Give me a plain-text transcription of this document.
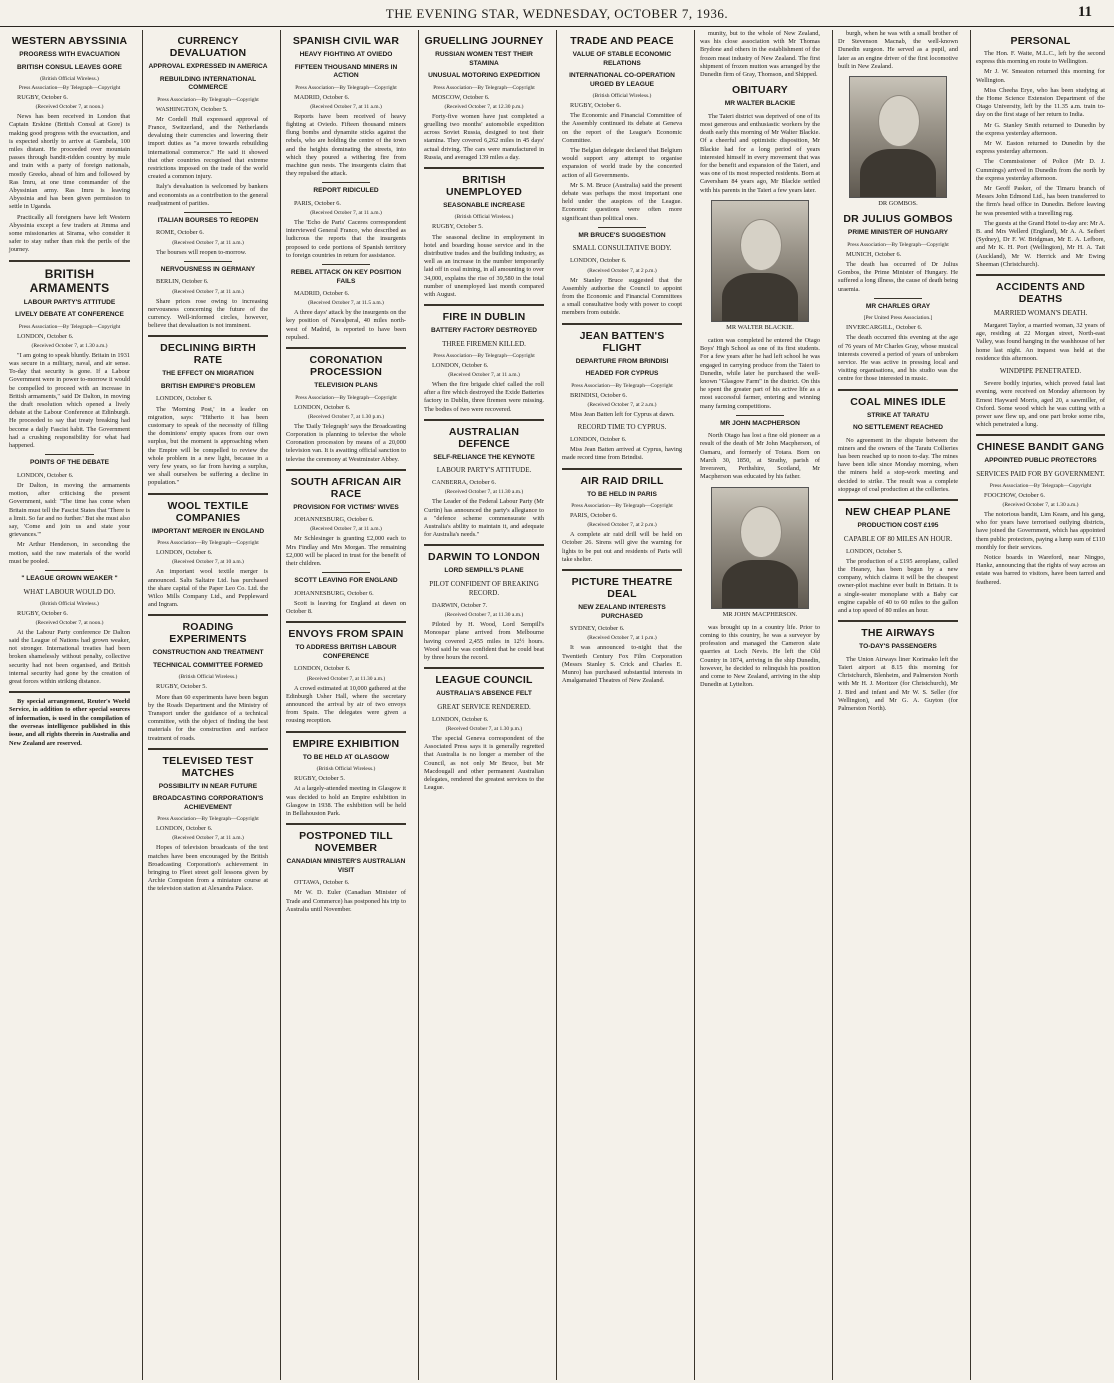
THE EVENING STAR, WEDNESDAY, OCTOBER 7, 1936.	11
WESTERN ABYSSINIA
PROGRESS WITH EVACUATION
BRITISH CONSUL LEAVES GORE
(British Official Wireless.)
Press Association—By Telegraph—Copyright
RUGBY, October 6.
(Received October 7, at noon.)

News has been received in London that Captain Erskine (British Consul at Gore) is making good progress with the evacuation, and is expected shortly to arrive at Gambela, 100 miles distant. He proceeded over mountain passes through bandit-ridden country by mule and train with a party of foreign nationals, mostly Greeks, ahead of him and followed by Ras Imru, at one time commander of the Abyssinian army. Ras Imru is leaving Abyssinia and has been given permission to settle in Uganda.

Practically all foreigners have left Western Abyssinia except a few traders at Jimma and some missionaries at Sirama, who consider it safer to stay rather than risk the perils of the journey.

BRITISH ARMAMENTS
LABOUR PARTY'S ATTITUDE
LIVELY DEBATE AT CONFERENCE
Press Association—By Telegraph—Copyright
LONDON, October 6.
(Received October 7, at 1.30 a.m.)

"I am going to speak bluntly. Britain in 1931 was secure in a military, naval, and air sense. To-day that security is gone. If a Labour Government were in power to-morrow it would be compelled to proceed with an increase in British armaments," said Dr Dalton, in moving the draft resolution which opened a lively debate at the Labour Conference at Edinburgh. He proceeded to say that treaty breaking had become a daily Fascist habit. The Government had a crushing responsibility for what had happened.

POINTS OF THE DEBATE
LONDON, October 6.

Dr Dalton, in moving the armaments motion, after criticising the present Government, said: "The time has come when Britain must tell the Fascist States that 'There is a limit. So far and no further.' But she must also say, 'Come and join us and state your grievances.'"

Mr Arthur Henderson, in seconding the motion, said the raw materials of the world must be pooled.

" LEAGUE GROWN WEAKER "
WHAT LABOUR WOULD DO.
(British Official Wireless.)
RUGBY, October 6.
(Received October 7, at noon.)

At the Labour Party conference Dr Dalton said the League of Nations had grown weaker, not stronger. International treaties had been broken shamelessly without penalty, collective security had not been organised, and British internal security had gone by the creation of great forces within striking distance.

By special arrangement, Reuter's World Service, in addition to other special sources of information, is used in the compilation of the overseas intelligence published in this issue, and all rights therein in Australia and New Zealand are reserved.

CURRENCY DEVALUATION
APPROVAL EXPRESSED IN AMERICA
REBUILDING INTERNATIONAL COMMERCE
Press Association—By Telegraph—Copyright
WASHINGTON, October 5.

Mr Cordell Hull expressed approval of France, Switzerland, and the Netherlands devaluing their currencies and lowering their import duties as "a move towards rebuilding international commerce." He said it showed that other countries recognised that extreme restrictions imposed on the trade of the world created a common injury.

Italy's devaluation is welcomed by bankers and economists as a contribution to the general readjustment of parities.

ITALIAN BOURSES TO REOPEN
ROME, October 6.
(Received October 7, at 11 a.m.)

The bourses will reopen to-morrow.

NERVOUSNESS IN GERMANY
BERLIN, October 6.
(Received October 7, at 11 a.m.)

Share prices rose owing to increasing nervousness concerning the future of the currency. Well-informed circles, however, believe that devaluation is not imminent.

DECLINING BIRTH RATE
THE EFFECT ON MIGRATION
BRITISH EMPIRE'S PROBLEM
LONDON, October 6.

The 'Morning Post,' in a leader on migration, says: "Hitherto it has been customary to speak of the necessity of filling the dominions' empty spaces from our own surplus, but the moment is approaching when the Empire will be compelled to review the whole problem in a new light, because in a very few years, so far from having a surplus, we shall ourselves be suffering a decline in population."

WOOL TEXTILE COMPANIES
IMPORTANT MERGER IN ENGLAND
Press Association—By Telegraph—Copyright
LONDON, October 6.
(Received October 7, at 10 a.m.)

An important wool textile merger is announced. Salts Saltaire Ltd. has purchased the share capital of the Paper Leo Co. Ltd. the Wilco Mills Company Ltd., and Peppleward and Ingram.

ROADING EXPERIMENTS
CONSTRUCTION AND TREATMENT
TECHNICAL COMMITTEE FORMED
(British Official Wireless.)
RUGBY, October 5.

More than 60 experiments have been begun by the Roads Department and the Ministry of Transport under the guidance of a technical committee, with the object of finding the best materials for the construction and surface treatment of roads.

TELEVISED TEST MATCHES
POSSIBILITY IN NEAR FUTURE
BROADCASTING CORPORATION'S ACHIEVEMENT
Press Association—By Telegraph—Copyright
LONDON, October 6.
(Received October 7, at 11 a.m.)

Hopes of television broadcasts of the test matches have been encouraged by the British Broadcasting Corporation's achievement in bringing to Fleet street golf lessons given by Archie Compston from a miniature course at the television station at Alexandra Palace.

SPANISH CIVIL WAR
HEAVY FIGHTING AT OVIEDO
FIFTEEN THOUSAND MINERS IN ACTION
Press Association—By Telegraph—Copyright
MADRID, October 6.
(Received October 7, at 11 a.m.)

Reports have been received of heavy fighting at Oviedo. Fifteen thousand miners flung bombs and dynamite sticks against the rebels, who are holding the centre of the town and the heights dominating the streets, into which they poured a withering fire from machine gun nests. The insurgents claim that they repulsed the attack.

REPORT RIDICULED
PARIS, October 6.
(Received October 7, at 11 a.m.)

The 'Echo de Paris' Caceres correspondent interviewed General Franco, who described as ludicrous the reports that the insurgents proposed to cede portions of Spanish territory to foreign countries in return for assistance.

REBEL ATTACK ON KEY POSITION FAILS
MADRID, October 6.
(Received October 7, at 11.5 a.m.)

A three days' attack by the insurgents on the key position of Navalperal, 40 miles north-west of Madrid, is reported to have been repulsed.

CORONATION PROCESSION
TELEVISION PLANS
Press Association—By Telegraph—Copyright
LONDON, October 6.
(Received October 7, at 1.30 p.m.)

The 'Daily Telegraph' says the Broadcasting Corporation is planning to televise the whole Coronation procession by means of a 20,000 television van. It is awaiting official sanction to televise the ceremony at Westminster Abbey.

SOUTH AFRICAN AIR RACE
PROVISION FOR VICTIMS' WIVES
JOHANNESBURG, October 6.
(Received October 7, at 11 a.m.)

Mr Schlesinger is granting £2,000 each to Mrs Findlay and Mrs Morgan. The remaining £2,000 will be placed in trust for the benefit of their children.

SCOTT LEAVING FOR ENGLAND
JOHANNESBURG, October 6.

Scott is leaving for England at dawn on October 8.

ENVOYS FROM SPAIN
TO ADDRESS BRITISH LABOUR CONFERENCE
LONDON, October 6.
(Received October 7, at 11.30 a.m.)

A crowd estimated at 10,000 gathered at the Edinburgh Usher Hall, where the secretary announced the arrival by air of two envoys from Spain. The delegates were given a rousing reception.

EMPIRE EXHIBITION
TO BE HELD AT GLASGOW
(British Official Wireless.)
RUGBY, October 5.

At a largely-attended meeting in Glasgow it was decided to hold an Empire exhibition in Glasgow in 1938. The exhibition will be held in Bellahouston Park.

POSTPONED TILL NOVEMBER
CANADIAN MINISTER'S AUSTRALIAN VISIT
OTTAWA, October 6.

Mr W. D. Euler (Canadian Minister of Trade and Commerce) has postponed his trip to Australia until November.

GRUELLING JOURNEY
RUSSIAN WOMEN TEST THEIR STAMINA
UNUSUAL MOTORING EXPEDITION
Press Association—By Telegraph—Copyright
MOSCOW, October 6.
(Received October 7, at 12.30 p.m.)

Forty-five women have just completed a gruelling two months' automobile expedition across Soviet Russia, designed to test their stamina. They covered 6,262 miles in 45 days' actual driving. The cars were manufactured in Russia, and averaged 139 miles a day.

BRITISH UNEMPLOYED
SEASONABLE INCREASE
(British Official Wireless.)
RUGBY, October 5.

The seasonal decline in employment in hotel and boarding house service and in the distributive trades and the building industry, as well as an increase in the number temporarily laid off in coal mining, in all amounting to over 34,000, explains the rise of 39,580 in the total number of unemployed last month compared with August.

FIRE IN DUBLIN
BATTERY FACTORY DESTROYED
THREE FIREMEN KILLED.
Press Association—By Telegraph—Copyright
LONDON, October 6.
(Received October 7, at 11 a.m.)

When the fire brigade chief called the roll after a fire which destroyed the Exide Batteries factory in Dublin, three firemen were missing. The bodies of two were recovered.

AUSTRALIAN DEFENCE
SELF-RELIANCE THE KEYNOTE
LABOUR PARTY'S ATTITUDE.
CANBERRA, October 6.
(Received October 7, at 11.30 a.m.)

The Leader of the Federal Labour Party (Mr Curtin) has announced the party's allegiance to a "defence scheme commensurate with Australia's ability to maintain it, and adequate for Australia's needs."

DARWIN TO LONDON
LORD SEMPILL'S PLANE
PILOT CONFIDENT OF BREAKING RECORD.
DARWIN, October 7.
(Received October 7, at 11.30 a.m.)

Piloted by H. Wood, Lord Sempill's Monospar plane arrived from Melbourne having covered 2,455 miles in 12½ hours. Wood said he was confident that he could beat by three hours the record.

LEAGUE COUNCIL
AUSTRALIA'S ABSENCE FELT
GREAT SERVICE RENDERED.
LONDON, October 6.
(Received October 7, at 1.30 p.m.)

The special Geneva correspondent of the Associated Press says it is generally regretted that Australia is no longer a member of the Council, as not only Mr Bruce, but Mr Macdougall and other permanent Australian delegates, rendered the greatest services to the League.

TRADE AND PEACE
VALUE OF STABLE ECONOMIC RELATIONS
INTERNATIONAL CO-OPERATION URGED BY LEAGUE
(British Official Wireless.)
RUGBY, October 6.

The Economic and Financial Committee of the Assembly continued its debate at Geneva on the report of the League's Economic Committee.

The Belgian delegate declared that Belgium would support any attempt to organise expansion of world trade by the concerted action of all Governments.

Mr S. M. Bruce (Australia) said the present debate was perhaps the most important one held under the auspices of the League. Economic questions were often more significant than political ones.

MR BRUCE'S SUGGESTION
SMALL CONSULTATIVE BODY.
LONDON, October 6.
(Received October 7, at 2 p.m.)

Mr Stanley Bruce suggested that the Assembly authorise the Council to appoint from the Economic and Financial Committees a small consultative body with power to coopt members from outside.

JEAN BATTEN'S FLIGHT
DEPARTURE FROM BRINDISI
HEADED FOR CYPRUS
Press Association—By Telegraph—Copyright
BRINDISI, October 6.
(Received October 7, at 2 a.m.)

Miss Jean Batten left for Cyprus at dawn.

RECORD TIME TO CYPRUS.
LONDON, October 6.

Miss Jean Batten arrived at Cyprus, having made record time from Brindisi.

AIR RAID DRILL
TO BE HELD IN PARIS
Press Association—By Telegraph—Copyright
PARIS, October 6.
(Received October 7, at 2 p.m.)

A complete air raid drill will be held on October 26. Sirens will give the warning for lights to be put out and residents of Paris will take shelter.

PICTURE THEATRE DEAL
NEW ZEALAND INTERESTS PURCHASED
SYDNEY, October 6.
(Received October 7, at 1 p.m.)

It was announced to-night that the Twentieth Century Fox Film Corporation (Messrs Stanley S. Crick and Charles E. Munro) has purchased substantial interests in Amalgamated Theatres of New Zealand.

munity, but to the whole of New Zealand, was his close association with Mr Thomas Brydone and others in the establishment of the frozen meat industry of New Zealand. The first shipment of frozen mutton was arranged by the Dunedin firm of Gray, Thomson, and Shipped.

OBITUARY
MR WALTER BLACKIE

The Taieri district was deprived of one of its most generous and enthusiastic workers by the death early this morning of Mr Walter Blackie. Of a cheerful and optimistic disposition, Mr Blackie had for a long period of years interested himself in every movement that was for the benefit and expansion of the Taieri, and was one of its most respected residents. Born at Caversham 84 years ago, Mr Blackie settled with his parents in the Taieri a few years later.

MR WALTER BLACKIE.

cation was completed he entered the Otago Boys' High School as one of its first students. For a few years after he had left school he was engaged in carrying produce from the Taieri to Dunedin, while later he purchased the well-known "Glasgow Farm" in the district. On this he spent the greater part of his active life as a most successful farmer, entering and winning many farming competitions.

MR JOHN MACPHERSON

North Otago has lost a fine old pioneer as a result of the death of Mr John Macpherson, of Oamaru, and formerly of Totara. Born on March 30, 1850, at Strathy, parish of Inveraven, Perthshire, Scotland, Mr Macpherson was educated by his father.

MR JOHN MACPHERSON.

was brought up in a country life. Prior to coming to this country, he was a surveyor by profession and managed the Cameron slate quarries at Loch Nevis. He left the Old Country in 1874, arriving in the ship Dunedin, however, he decided to relinquish his position and come to New Zealand, arriving in the ship Dunedin at Lyttelton.

burgh, when he was with a small brother of Dr Stevenson Macnab, the well-known Dunedin surgeon. He served as a pupil, and later as an engine driver of the first locomotive built in New Zealand.

DR GOMBOS.
DR JULIUS GOMBOS
PRIME MINISTER OF HUNGARY
Press Association—By Telegraph—Copyright
MUNICH, October 6.

The death has occurred of Dr Julius Gombos, the Prime Minister of Hungary. He suffered a long illness, the cause of death being uraemia.

MR CHARLES GRAY
[Per United Press Association.]
INVERCARGILL, October 6.

The death occurred this evening at the age of 76 years of Mr Charles Gray, whose musical interests covered a period of years of unbroken service. He was active in pressing local and visiting organisations, and his studio was the centre for those interested in music.

COAL MINES IDLE
STRIKE AT TARATU
NO SETTLEMENT REACHED

No agreement in the dispute between the miners and the owners of the Taratu Collieries has been reached up to noon to-day. The mines have been idle since Monday morning, when the miners held a stop-work meeting and decided to strike. The result was a complete stoppage of coal production at the collieries.

NEW CHEAP PLANE
PRODUCTION COST £195
CAPABLE OF 80 MILES AN HOUR.
LONDON, October 5.

The production of a £195 aeroplane, called the Heaney, has been begun by a new company, which claims it will be the cheapest owner-pilot machine ever built in Britain. It is a single-seater monoplane with a Baby car engine capable of 40 to 60 miles to the gallon and a top speed of 80 miles an hour.

THE AIRWAYS
TO-DAY'S PASSENGERS

The Union Airways liner Korimako left the Taieri airport at 8.15 this morning for Christchurch, Blenheim, and Palmerston North with Mr H. J. Moritzer (for Christchurch), Mr J. Bird and infant and Mr W. S. Seller (for Wellington), and Mr G. A. Guyton (for Palmerston North).

PERSONAL

The Hon. F. Waite, M.L.C., left by the second express this morning en route to Wellington.

Mr J. W. Smeaton returned this morning for Wellington.

Miss Cheeha Erye, who has been studying at the Home Science Extension Department of the Otago University, left by the 11.35 a.m. train to-day on the first stage of her return to India.

Mr G. Stanley Smith returned to Dunedin by the express yesterday afternoon.

Mr W. Easton returned to Dunedin by the express yesterday afternoon.

The Commissioner of Police (Mr D. J. Cummings) arrived in Dunedin from the north by the express yesterday afternoon.

Mr Geoff Pasker, of the Timaru branch of Messrs John Edmond Ltd., has been transferred to the firm's head office in Dunedin. Before leaving he was presented with a travelling rug.

The guests at the Grand Hotel to-day are: Mr A. B. and Mrs Wellerd (England), Mr A. A. Seibert (Sydney), Dr F. W. Bridgman, Mr E. A. Lefbore, and Mr K. H. Port (Wellington), Mr H. A. Tait (Auckland), Mr W. Herrick and Mr Ewing Sheeman (Christchurch).

ACCIDENTS AND DEATHS
MARRIED WOMAN'S DEATH.

Margaret Taylor, a married woman, 32 years of age, residing at 22 Morgan street, North-east Valley, was found hanging in the washhouse of her home last night. An inquest was held at the residence this afternoon.

WINDPIPE PENETRATED.

Severe bodily injuries, which proved fatal last evening, were received on Monday afternoon by Ernest Hayward Morris, aged 20, a sawmiller, of Oxford. Some wood which he was cutting with a power saw flew up, and one part broke some ribs, which penetrated a lung.

CHINESE BANDIT GANG
APPOINTED PUBLIC PROTECTORS
SERVICES PAID FOR BY GOVERNMENT.
Press Association—By Telegraph—Copyright
FOOCHOW, October 6.
(Received October 7, at 1.30 a.m.)

The notorious bandit, Lim Keam, and his gang, who for years have terrorised outlying districts, have joined the Government, which has appointed them public protectors, paying a lump sum of £110 monthly for their services.

Notice boards in Wareford, near Ningpo, Hankz, announcing that the rights of way across an estate was barred to visitors, have been tarred and feathered.
